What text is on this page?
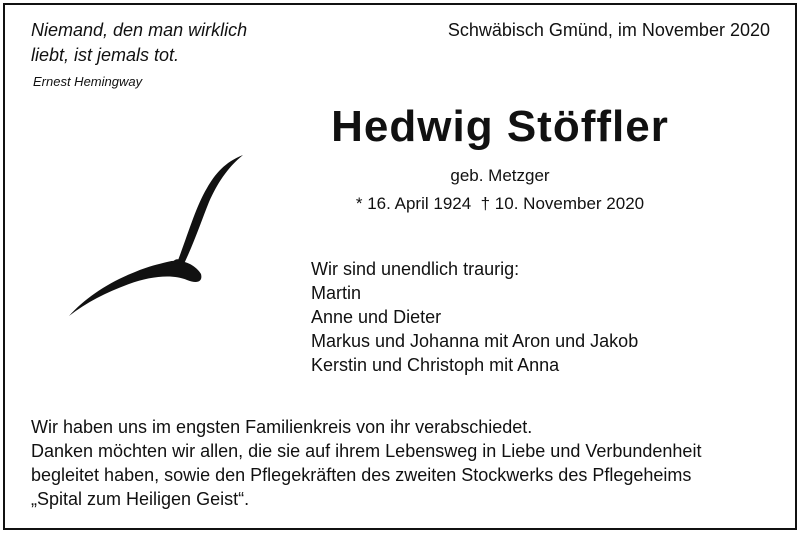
Niemand, den man wirklich
liebt, ist jemals tot.
Ernest Hemingway
Schwäbisch Gmünd, im November 2020
Hedwig Stöffler
geb. Metzger
* 16. April 1924  † 10. November 2020
Wir sind unendlich traurig:
Martin
Anne und Dieter
Markus und Johanna mit Aron und Jakob
Kerstin und Christoph mit Anna
Wir haben uns im engsten Familienkreis von ihr verabschiedet.
Danken möchten wir allen, die sie auf ihrem Lebensweg in Liebe und Verbundenheit
begleitet haben, sowie den Pflegekräften des zweiten Stockwerks des Pflegeheims
„Spital zum Heiligen Geist“.
